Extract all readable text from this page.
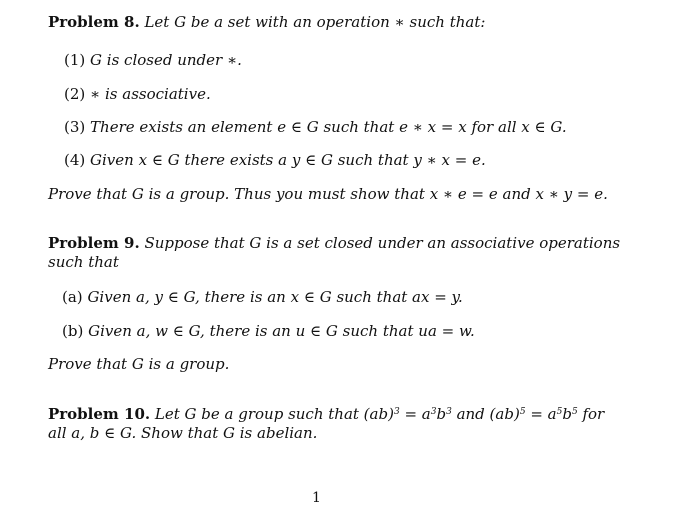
Problem 8. Let G be a set with an operation ∗ such that:
(1) G is closed under ∗.
(2) ∗ is associative.
(3) There exists an element e ∈ G such that e ∗ x = x for all x ∈ G.
(4) Given x ∈ G there exists a y ∈ G such that y ∗ x = e.
Prove that G is a group. Thus you must show that x ∗ e = e and x ∗ y = e.
Problem 9. Suppose that G is a set closed under an associative operations
such that
(a) Given a, y ∈ G, there is an x ∈ G such that ax = y.
(b) Given a, w ∈ G, there is an u ∈ G such that ua = w.
Prove that G is a group.
Problem 10. Let G be a group such that $(ab)^3 = a^3b^3$ and $(ab)^5 = a^5b^5$ for
all a, b ∈ G. Show that G is abelian.
1
